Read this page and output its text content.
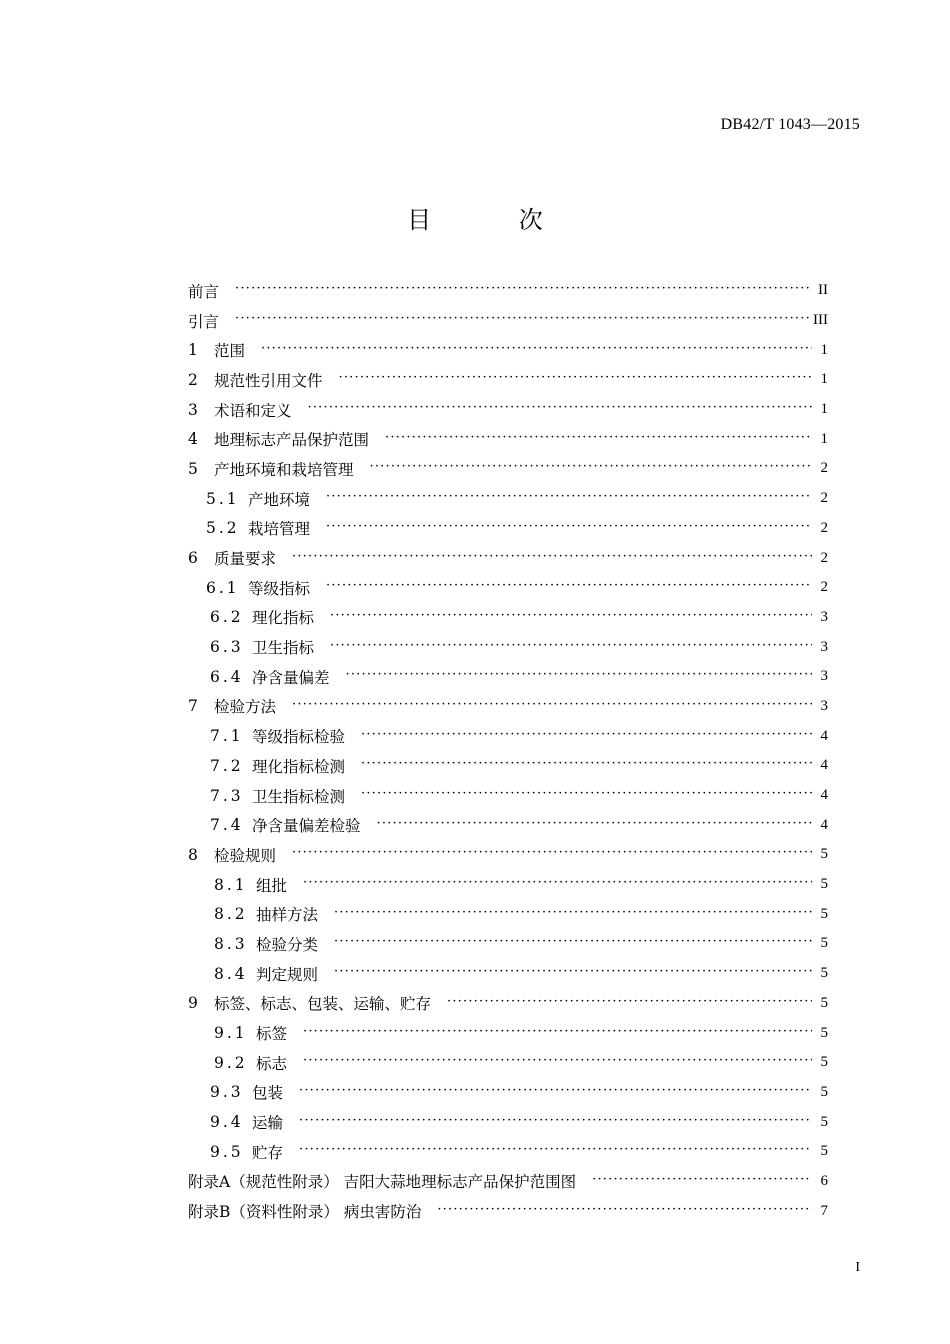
DB42/T 1043—2015
目 次
前言 ·····	II
引言 ·····	III
1 范围 ·····	1
2 规范性引用文件 ·····	1
3 术语和定义 ·····	1
4 地理标志产品保护范围 ·····	1
5 产地环境和栽培管理 ·····	2
5.1 产地环境 ·····	2
5.2 栽培管理 ·····	2
6 质量要求 ·····	2
6.1 等级指标 ·····	2
6.2 理化指标 ·····	3
6.3 卫生指标 ·····	3
6.4 净含量偏差 ·····	3
7 检验方法 ·····	3
7.1 等级指标检验 ·····	4
7.2 理化指标检测 ·····	4
7.3 卫生指标检测 ·····	4
7.4 净含量偏差检验 ·····	4
8 检验规则 ·····	5
8.1 组批 ·····	5
8.2 抽样方法 ·····	5
8.3 检验分类 ·····	5
8.4 判定规则 ·····	5
9 标签、标志、包装、运输、贮存 ·····	5
9.1 标签 ·····	5
9.2 标志 ·····	5
9.3 包装 ·····	5
9.4 运输 ·····	5
9.5 贮存 ·····	5
附录A（规范性附录） 吉阳大蒜地理标志产品保护范围图 ·····	6
附录B（资料性附录） 病虫害防治 ·····	7
I
